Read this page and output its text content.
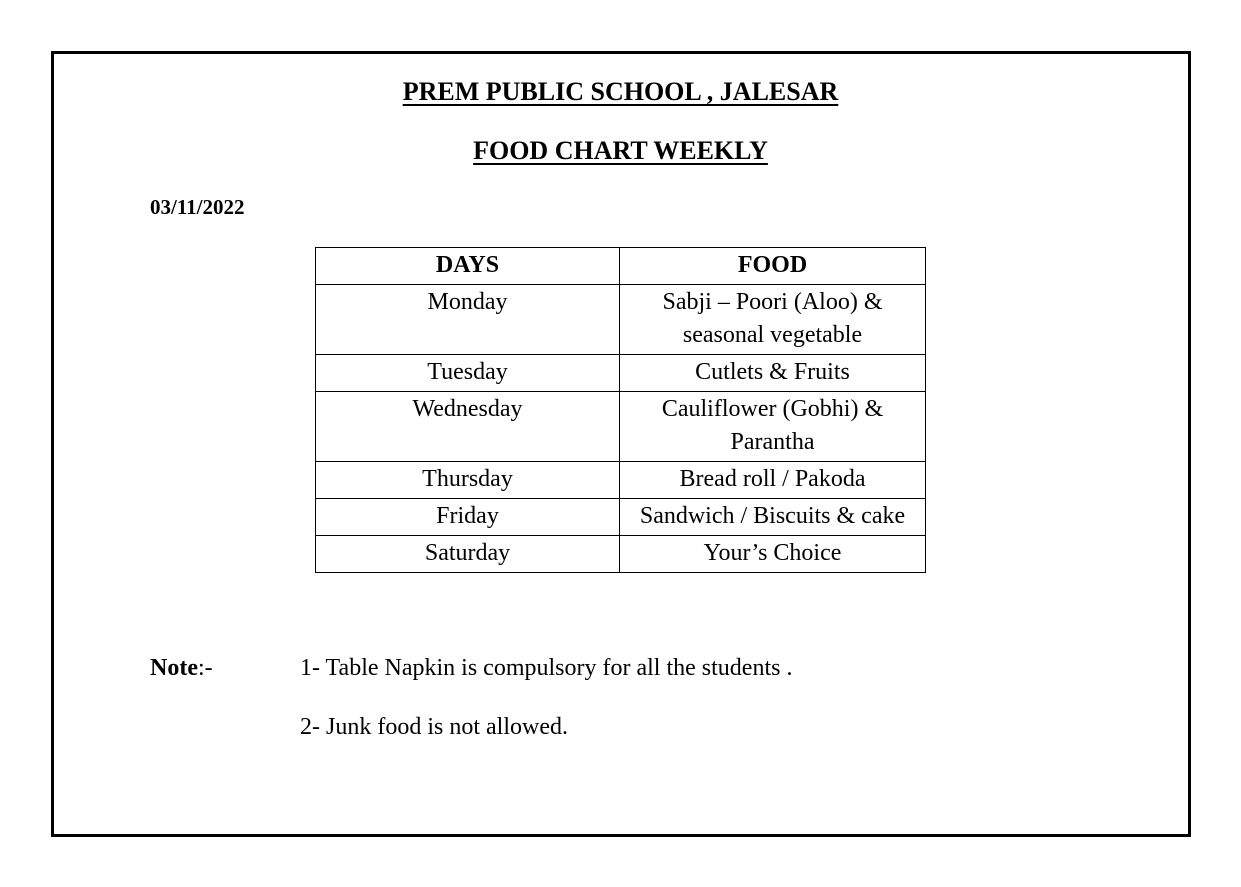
PREM PUBLIC SCHOOL , JALESAR
FOOD CHART WEEKLY
03/11/2022
DAYS	FOOD
Monday	Sabji – Poori (Aloo) & seasonal vegetable
Tuesday	Cutlets & Fruits
Wednesday	Cauliflower (Gobhi) & Parantha
Thursday	Bread roll / Pakoda
Friday	Sandwich / Biscuits & cake
Saturday	Your’s Choice
Note:-	1- Table Napkin is compulsory for all the students .
2- Junk food is not allowed.
